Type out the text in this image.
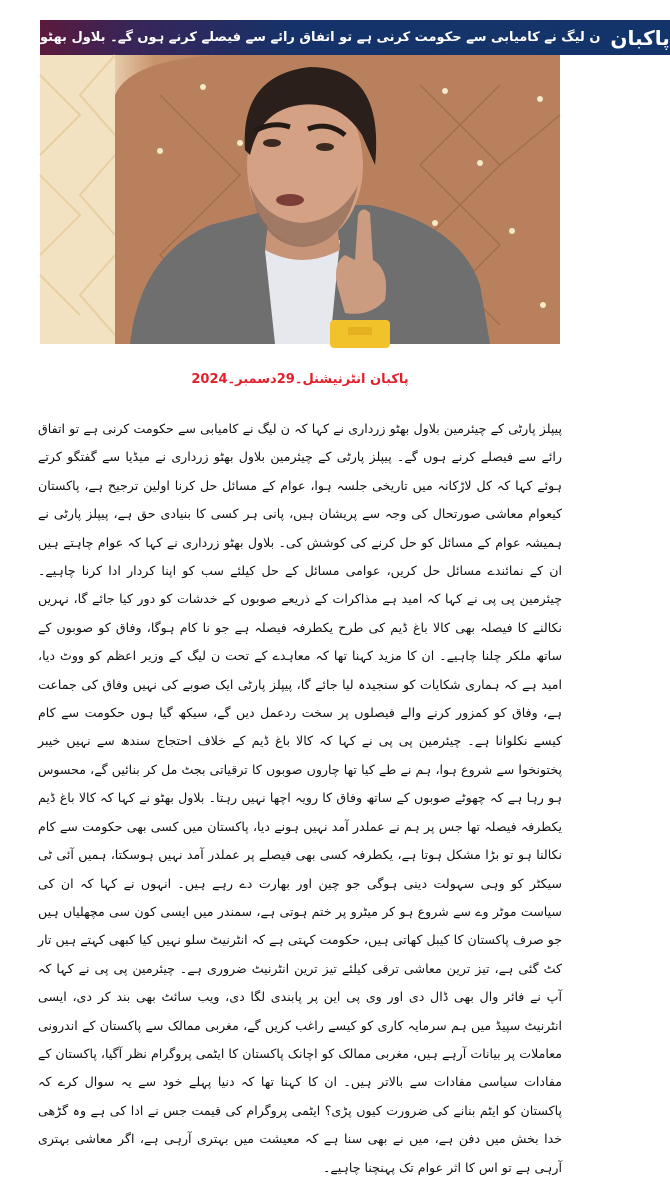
ن لیگ نے کامیابی سے حکومت کرنی ہے تو اتفاق رائے سے فیصلے کرنے ہوں گے۔ بلاول بھٹو پاکبان
پاکبان انٹرنیشنل۔29دسمبر۔2024
پیپلز پارٹی کے چیئرمین بلاول بھٹو زرداری نے کہا کہ ن لیگ نے کامیابی سے حکومت کرنی ہے تو اتفاق رائے سے فیصلے کرنے ہوں گے۔ پیپلز پارٹی کے چیئرمین بلاول بھٹو زرداری نے میڈیا سے گفتگو کرتے ہوئے کہا کہ کل لاڑکانہ میں تاریخی جلسہ ہوا، عوام کے مسائل حل کرنا اولین ترجیح ہے، پاکستان کیعوام معاشی صورتحال کی وجہ سے پریشان ہیں، پانی ہر کسی کا بنیادی حق ہے، پیپلز پارٹی نے ہمیشہ عوام کے مسائل کو حل کرنے کی کوشش کی۔ بلاول بھٹو زرداری نے کہا کہ عوام چاہتے ہیں ان کے نمائندے مسائل حل کریں، عوامی مسائل کے حل کیلئے سب کو اپنا کردار ادا کرنا چاہیے۔ چیئرمین پی پی نے کہا کہ امید ہے مذاکرات کے ذریعے صوبوں کے خدشات کو دور کیا جائے گا، نہریں نکالنے کا فیصلہ بھی کالا باغ ڈیم کی طرح یکطرفہ فیصلہ ہے جو نا کام ہوگا، وفاق کو صوبوں کے ساتھ ملکر چلنا چاہیے۔ ان کا مزید کہنا تھا کہ معاہدے کے تحت ن لیگ کے وزیر اعظم کو ووٹ دیا، امید ہے کہ ہماری شکایات کو سنجیدہ لیا جائے گا، پیپلز پارٹی ایک صوبے کی نہیں وفاق کی جماعت ہے، وفاق کو کمزور کرنے والے فیصلوں پر سخت ردعمل دیں گے، سیکھ گیا ہوں حکومت سے کام کیسے نکلوانا ہے۔ چیئرمین پی پی نے کہا کہ کالا باغ ڈیم کے خلاف احتجاج سندھ سے نہیں خیبر پختونخوا سے شروع ہوا، ہم نے طے کیا تھا چاروں صوبوں کا ترقیاتی بجٹ مل کر بنائیں گے، محسوس ہو رہا ہے کہ چھوٹے صوبوں کے ساتھ وفاق کا رویہ اچھا نہیں رہتا۔ بلاول بھٹو نے کہا کہ کالا باغ ڈیم یکطرفہ فیصلہ تھا جس پر ہم نے عملدر آمد نہیں ہونے دیا، پاکستان میں کسی بھی حکومت سے کام نکالنا ہو تو بڑا مشکل ہوتا ہے، یکطرفہ کسی بھی فیصلے پر عملدر آمد نہیں ہوسکتا، ہمیں آئی ٹی سیکٹر کو وہی سہولت دینی ہوگی جو چین اور بھارت دے رہے ہیں۔ انہوں نے کہا کہ ان کی سیاست موٹر وے سے شروع ہو کر میٹرو پر ختم ہوتی ہے، سمندر میں ایسی کون سی مچھلیاں ہیں جو صرف پاکستان کا کیبل کھاتی ہیں، حکومت کہتی ہے کہ انٹرنیٹ سلو نہیں کیا کبھی کہتے ہیں تار کٹ گئی ہے، تیز ترین معاشی ترقی کیلئے تیز ترین انٹرنیٹ ضروری ہے۔ چیئرمین پی پی نے کہا کہ آپ نے فائر وال بھی ڈال دی اور وی پی این پر پابندی لگا دی، ویب سائٹ بھی بند کر دی، ایسی انٹرنیٹ سپیڈ میں ہم سرمایہ کاری کو کیسے راغب کریں گے، مغربی ممالک سے پاکستان کے اندرونی معاملات پر بیانات آرہے ہیں، مغربی ممالک کو اچانک پاکستان کا ایٹمی پروگرام نظر آگیا، پاکستان کے مفادات سیاسی مفادات سے بالاتر ہیں۔ ان کا کہنا تھا کہ دنیا پہلے خود سے یہ سوال کرے کہ پاکستان کو ایٹم بنانے کی ضرورت کیوں پڑی؟ ایٹمی پروگرام کی قیمت جس نے ادا کی ہے وہ گڑھی خدا بخش میں دفن ہے، میں نے بھی سنا ہے کہ معیشت میں بہتری آرہی ہے، اگر معاشی بہتری آرہی ہے تو اس کا اثر عوام تک پہنچنا چاہیے۔
